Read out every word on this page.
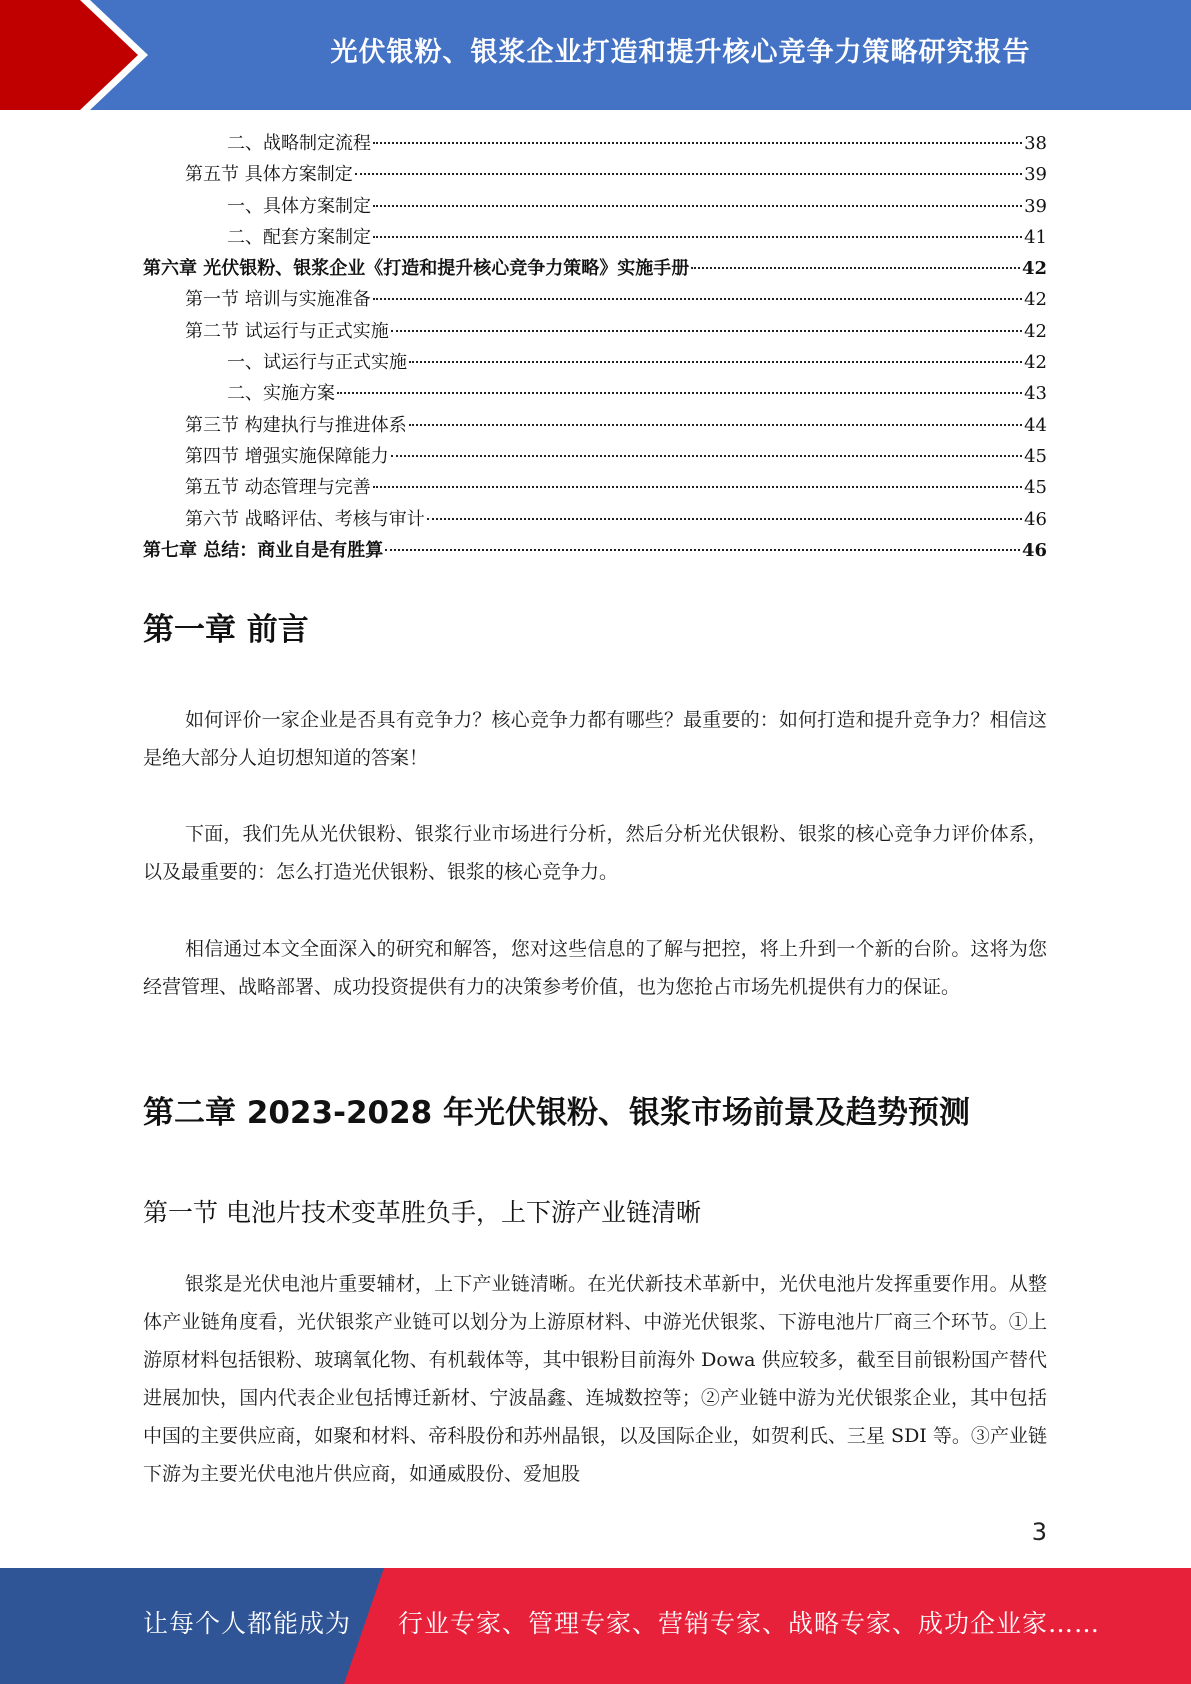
光伏银粉、银浆企业打造和提升核心竞争力策略研究报告
二、战略制定流程	38
第五节 具体方案制定	39
一、具体方案制定	39
二、配套方案制定	41
第六章 光伏银粉、银浆企业《打造和提升核心竞争力策略》实施手册	42
第一节 培训与实施准备	42
第二节 试运行与正式实施	42
一、试运行与正式实施	42
二、实施方案	43
第三节 构建执行与推进体系	44
第四节 增强实施保障能力	45
第五节 动态管理与完善	45
第六节 战略评估、考核与审计	46
第七章 总结：商业自是有胜算	46
第一章 前言
如何评价一家企业是否具有竞争力？核心竞争力都有哪些？最重要的：如何打造和提升竞争力？相信这是绝大部分人迫切想知道的答案！
下面，我们先从光伏银粉、银浆行业市场进行分析，然后分析光伏银粉、银浆的核心竞争力评价体系，以及最重要的：怎么打造光伏银粉、银浆的核心竞争力。
相信通过本文全面深入的研究和解答，您对这些信息的了解与把控，将上升到一个新的台阶。这将为您经营管理、战略部署、成功投资提供有力的决策参考价值，也为您抢占市场先机提供有力的保证。
第二章 2023-2028 年光伏银粉、银浆市场前景及趋势预测
第一节 电池片技术变革胜负手，上下游产业链清晰
银浆是光伏电池片重要辅材，上下产业链清晰。在光伏新技术革新中，光伏电池片发挥重要作用。从整体产业链角度看，光伏银浆产业链可以划分为上游原材料、中游光伏银浆、下游电池片厂商三个环节。①上游原材料包括银粉、玻璃氧化物、有机载体等，其中银粉目前海外 Dowa 供应较多，截至目前银粉国产替代进展加快，国内代表企业包括博迁新材、宁波晶鑫、连城数控等；②产业链中游为光伏银浆企业，其中包括中国的主要供应商，如聚和材料、帝科股份和苏州晶银，以及国际企业，如贺利氏、三星 SDI 等。③产业链下游为主要光伏电池片供应商，如通威股份、爱旭股
3
让每个人都能成为 行业专家、管理专家、营销专家、战略专家、成功企业家……
